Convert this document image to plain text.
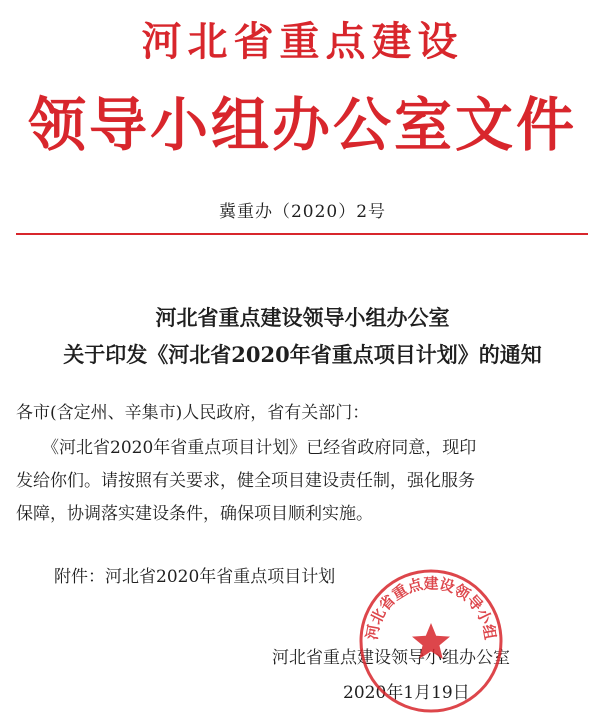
河北省重点建设
领导小组办公室文件
冀重办（2020）2号
河北省重点建设领导小组办公室
关于印发《河北省2020年省重点项目计划》的通知
各市(含定州、辛集市)人民政府，省有关部门：
《河北省2020年省重点项目计划》已经省政府同意，现印
发给你们。请按照有关要求，健全项目建设责任制，强化服务
保障，协调落实建设条件，确保项目顺利实施。
附件：河北省2020年省重点项目计划
河北省重点建设领导小组办公室
2020年1月19日
河北省重点建设领导小组
